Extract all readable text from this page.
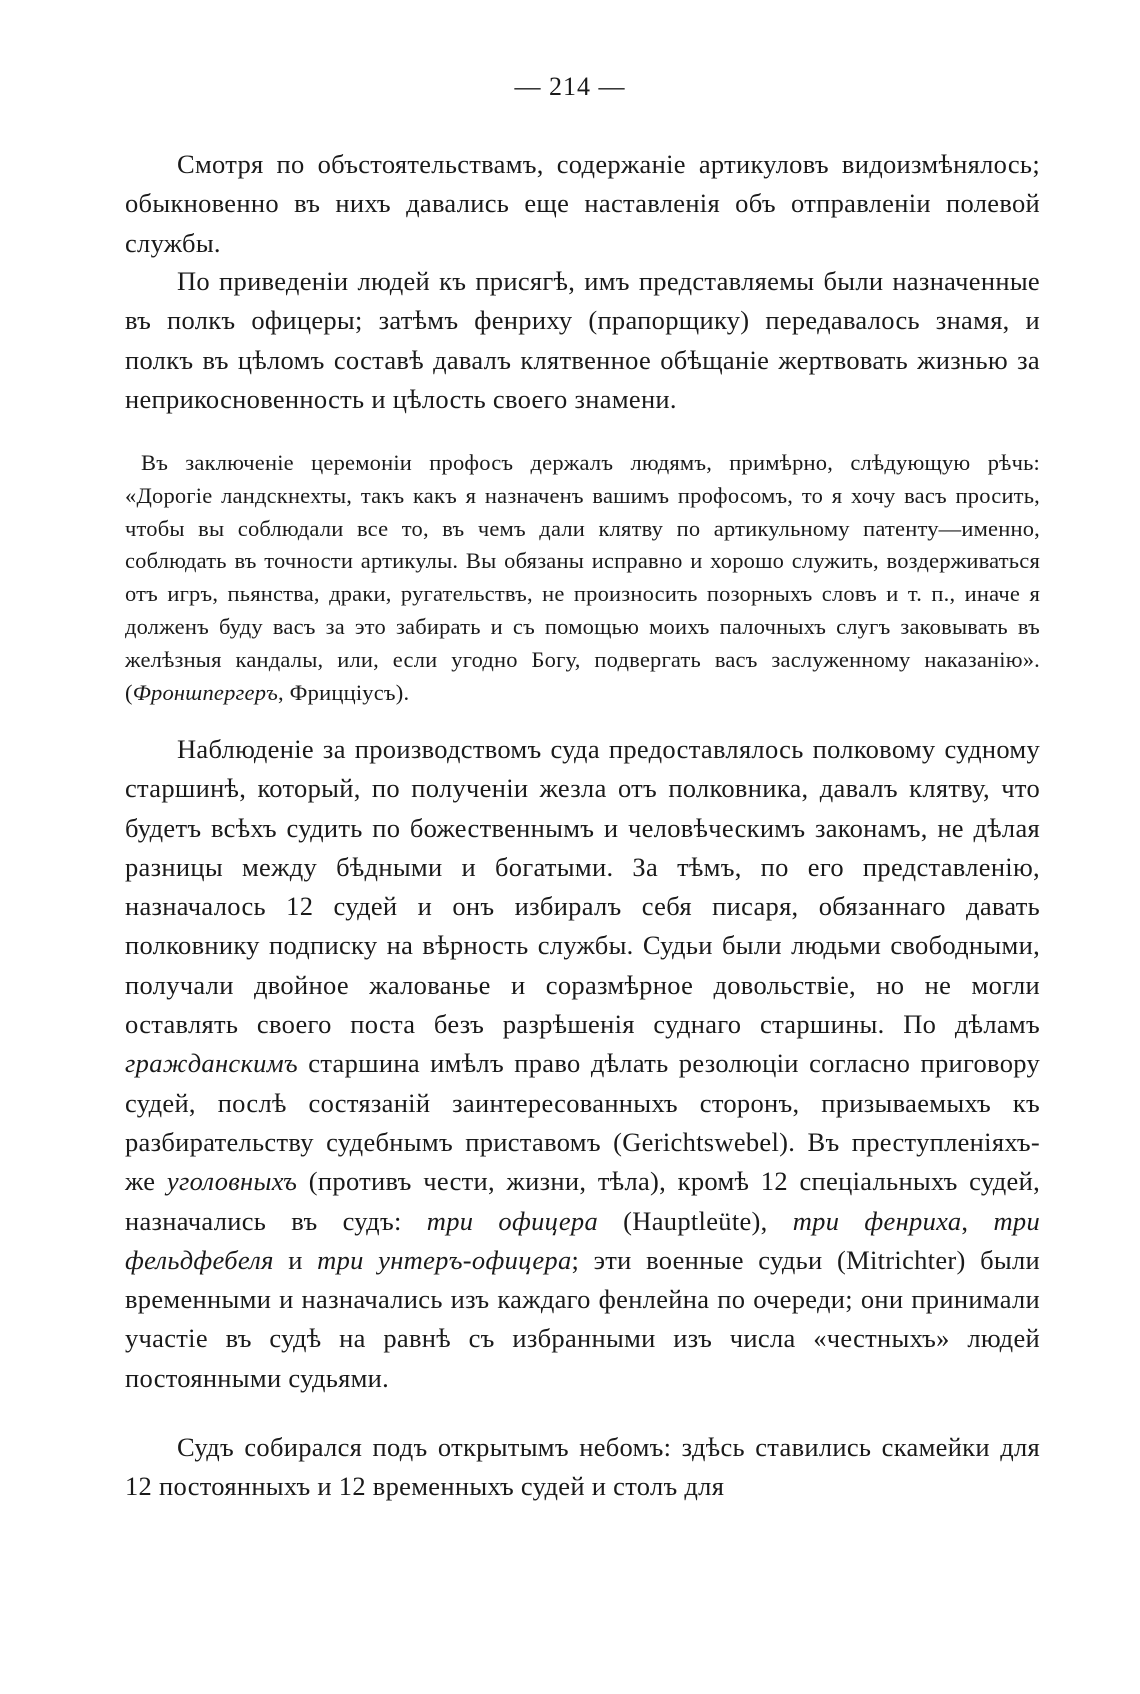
— 214 —

Смотря по объстоятельствамъ, содержаніе артикуловъ видоизмѣнялось; обыкновенно въ нихъ давались еще наставленія объ отправленіи полевой службы.

По приведеніи людей къ присягѣ, имъ представляемы были назначенные въ полкъ офицеры; затѣмъ фенриху (прапорщику) передавалось знамя, и полкъ въ цѣломъ составѣ давалъ клятвенное обѣщаніе жертвовать жизнью за неприкосновенность и цѣлость своего знамени.

Въ заключеніе церемоніи профосъ держалъ людямъ, примѣрно, слѣдующую рѣчь: «Дорогіе ландскнехты, такъ какъ я назначенъ вашимъ профосомъ, то я хочу васъ просить, чтобы вы соблюдали все то, въ чемъ дали клятву по артикульному патенту—именно, соблюдать въ точности артикулы. Вы обязаны исправно и хорошо служить, воздерживаться отъ игръ, пьянства, драки, ругательствъ, не произносить позорныхъ словъ и т. п., иначе я долженъ буду васъ за это забирать и съ помощью моихъ палочныхъ слугъ заковывать въ желѣзныя кандалы, или, если угодно Богу, подвергать васъ заслуженному наказанію». (Фроншпергеръ, Фрицціусъ).

Наблюденіе за производствомъ суда предоставлялось полковому судному старшинѣ, который, по полученіи жезла отъ полковника, давалъ клятву, что будетъ всѣхъ судить по божественнымъ и человѣческимъ законамъ, не дѣлая разницы между бѣдными и богатыми. За тѣмъ, по его представленію, назначалось 12 судей и онъ избиралъ себя писаря, обязаннаго давать полковнику подписку на вѣрность службы. Судьи были людьми свободными, получали двойное жалованье и соразмѣрное довольствіе, но не могли оставлять своего поста безъ разрѣшенія суднаго старшины. По дѣламъ гражданскимъ старшина имѣлъ право дѣлать резолюціи согласно приговору судей, послѣ состязаній заинтересованныхъ сторонъ, призываемыхъ къ разбирательству судебнымъ приставомъ (Gerichtswebel). Въ преступленіяхъ-же уголовныхъ (противъ чести, жизни, тѣла), кромѣ 12 спеціальныхъ судей, назначались въ судъ: три офицера (Hauptleüte), три фенриха, три фельдфебеля и три унтеръ-офицера; эти военные судьи (Mitrichter) были временными и назначались изъ каждаго фенлейна по очереди; они принимали участіе въ судѣ на равнѣ съ избранными изъ числа «честныхъ» людей постоянными судьями.

Судъ собирался подъ открытымъ небомъ: здѣсь ставились скамейки для 12 постоянныхъ и 12 временныхъ судей и столъ для
